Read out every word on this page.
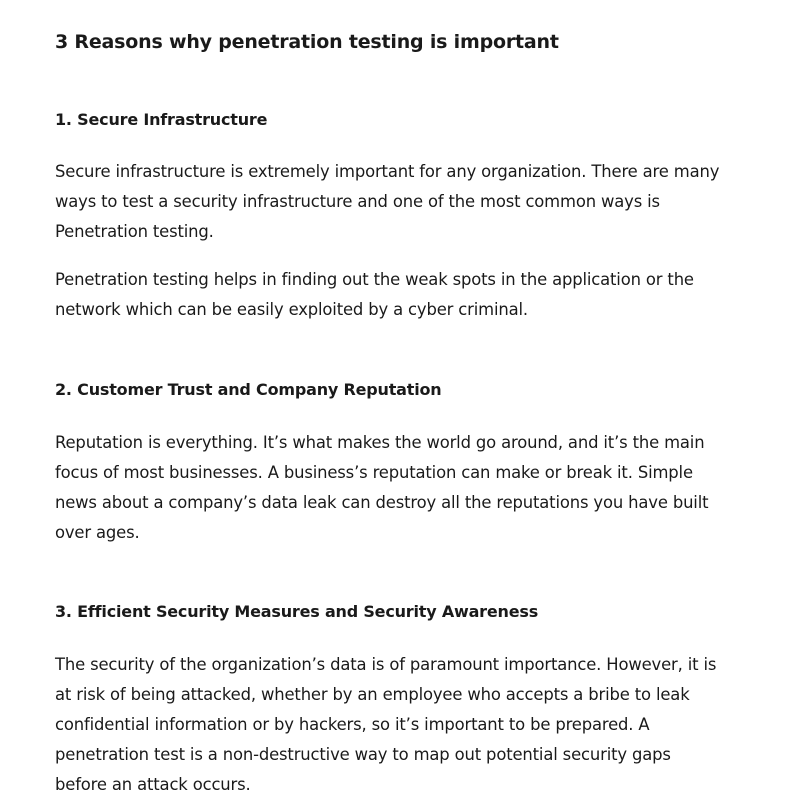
3 Reasons why penetration testing is important
1. Secure Infrastructure

Secure infrastructure is extremely important for any organization. There are many
ways to test a security infrastructure and one of the most common ways is
Penetration testing.

Penetration testing helps in finding out the weak spots in the application or the
network which can be easily exploited by a cyber criminal.

2. Customer Trust and Company Reputation

Reputation is everything. It’s what makes the world go around, and it’s the main
focus of most businesses. A business’s reputation can make or break it. Simple
news about a company’s data leak can destroy all the reputations you have built
over ages.

3. Efficient Security Measures and Security Awareness

The security of the organization’s data is of paramount importance. However, it is
at risk of being attacked, whether by an employee who accepts a bribe to leak
confidential information or by hackers, so it’s important to be prepared. A
penetration test is a non-destructive way to map out potential security gaps
before an attack occurs.
